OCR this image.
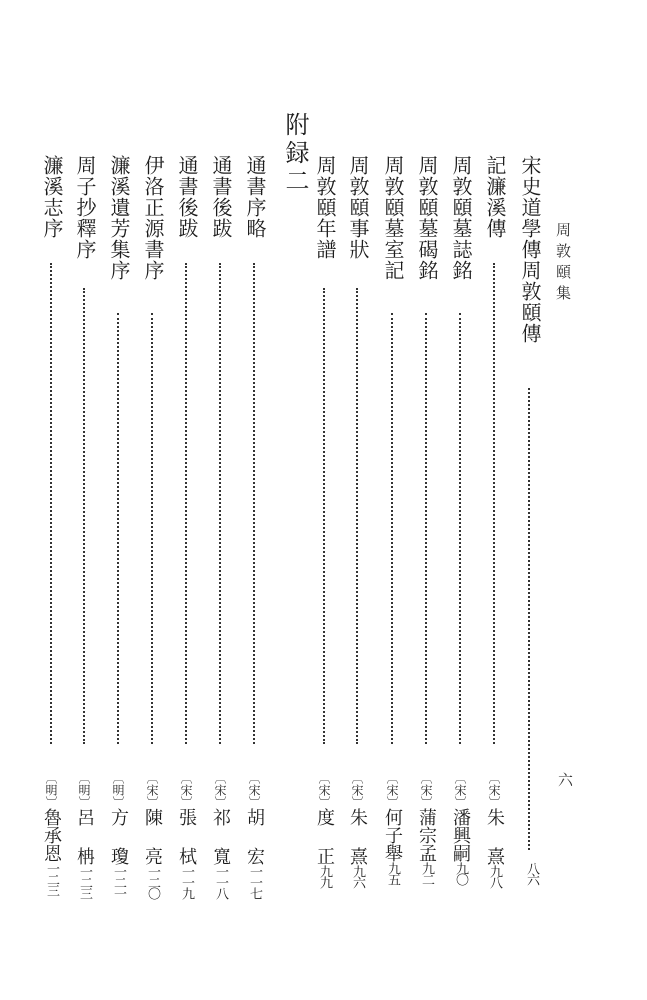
周敦頤集
六
附録二
宋史道學傳周敦頤傳
八六
記濂溪傳
〔宋〕朱 熹九八
周敦頤墓誌銘
〔宋〕潘興嗣九〇
周敦頤墓碣銘
〔宋〕蒲宗孟九二
周敦頤墓室記
〔宋〕何子舉九五
周敦頤事狀
〔宋〕朱 熹九六
周敦頤年譜
〔宋〕度 正九九
通書序略
〔宋〕胡 宏一一七
通書後跋
〔宋〕祁 寬一一八
通書後跋
〔宋〕張 栻一一九
伊洛正源書序
〔宋〕陳 亮一二〇
濂溪遺芳集序
〔明〕方 瓊一二一
周子抄釋序
〔明〕呂 柟一二三
濂溪志序
〔明〕魯承恩一二三
